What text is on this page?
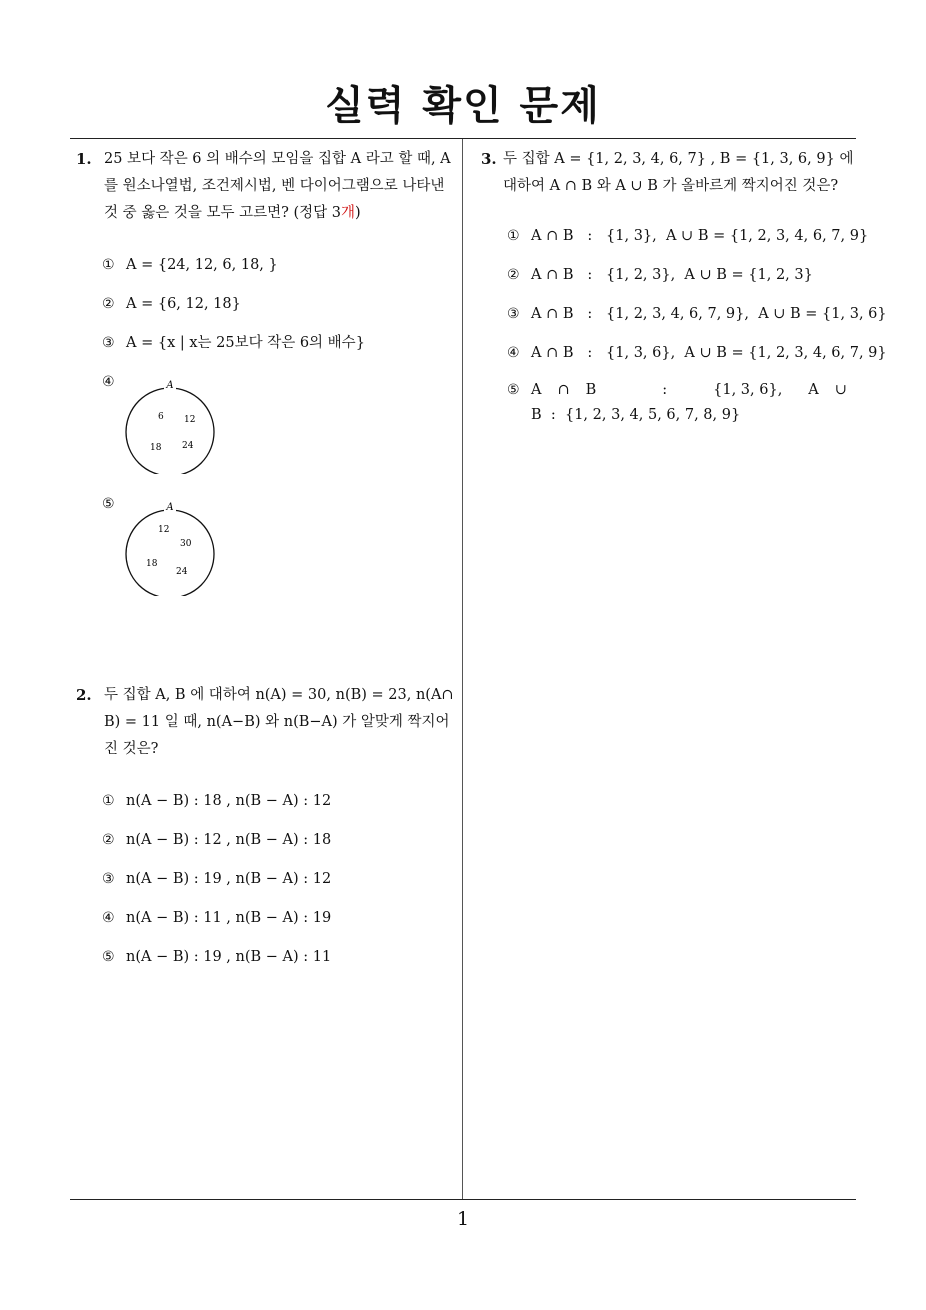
실력 확인 문제
1. 25 보다 작은 6 의 배수의 모임을 집합 A 라고 할 때, A 를 원소나열법, 조건제시법, 벤 다이어그램으로 나타낸 것 중 옳은 것을 모두 고르면? (정답 3개)
① A = {24, 12, 6, 18, }
② A = {6, 12, 18}
③ A = {x | x는 25보다 작은 6의 배수}
④	A
6 12
18 24
⑤	A
12
30
18
24
2. 두 집합 A, B 에 대하여 n(A) = 30, n(B) = 23, n(A∩ B) = 11 일 때, n(A−B) 와 n(B−A) 가 알맞게 짝지어진 것은?
① n(A − B) : 18 , n(B − A) : 12
② n(A − B) : 12 , n(B − A) : 18
③ n(A − B) : 19 , n(B − A) : 12
④ n(A − B) : 11 , n(B − A) : 19
⑤ n(A − B) : 19 , n(B − A) : 11
3. 두 집합 A = {1, 2, 3, 4, 6, 7} , B = {1, 3, 6, 9} 에 대하여 A ∩ B 와 A ∪ B 가 올바르게 짝지어진 것은?
① A ∩ B   :   {1, 3},  A ∪ B = {1, 2, 3, 4, 6, 7, 9}
② A ∩ B   :   {1, 2, 3},  A ∪ B = {1, 2, 3}
③ A ∩ B   :   {1, 2, 3, 4, 6, 7, 9},  A ∪ B = {1, 3, 6}
④ A ∩ B   :   {1, 3, 6},  A ∪ B = {1, 2, 3, 4, 6, 7, 9}
⑤ A ∩ B	:	{1, 3, 6}, A ∪
B  :  {1, 2, 3, 4, 5, 6, 7, 8, 9}
1
